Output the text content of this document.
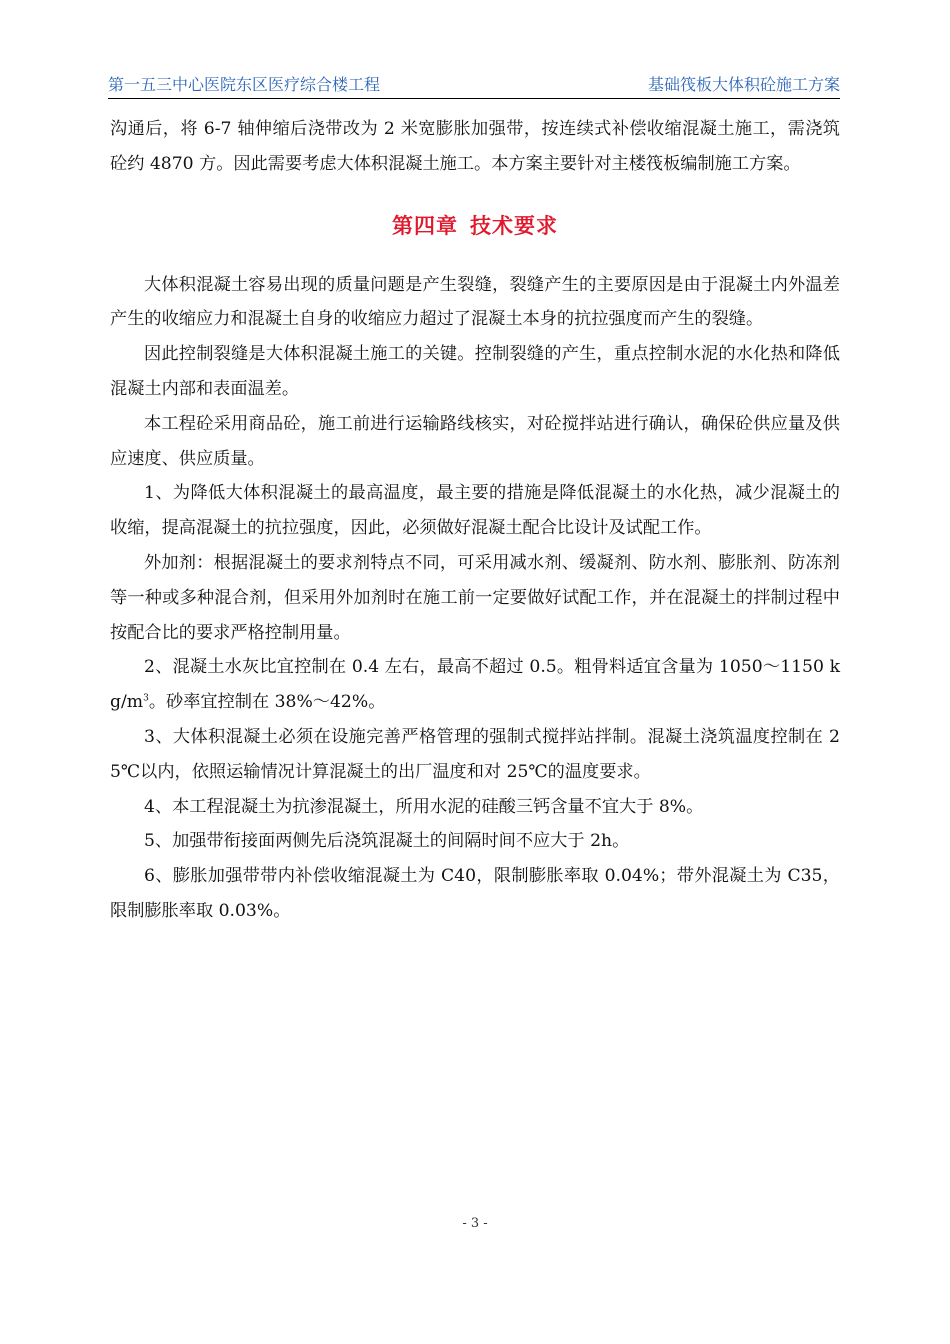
第一五三中心医院东区医疗综合楼工程	基础筏板大体积砼施工方案

沟通后，将 6-7 轴伸缩后浇带改为 2 米宽膨胀加强带，按连续式补偿收缩混凝土施工，需浇筑砼约 4870 方。因此需要考虑大体积混凝土施工。本方案主要针对主楼筏板编制施工方案。

第四章 技术要求

大体积混凝土容易出现的质量问题是产生裂缝，裂缝产生的主要原因是由于混凝土内外温差产生的收缩应力和混凝土自身的收缩应力超过了混凝土本身的抗拉强度而产生的裂缝。

因此控制裂缝是大体积混凝土施工的关键。控制裂缝的产生，重点控制水泥的水化热和降低混凝土内部和表面温差。

本工程砼采用商品砼，施工前进行运输路线核实，对砼搅拌站进行确认，确保砼供应量及供应速度、供应质量。

1、为降低大体积混凝土的最高温度，最主要的措施是降低混凝土的水化热，减少混凝土的收缩，提高混凝土的抗拉强度，因此，必须做好混凝土配合比设计及试配工作。

外加剂：根据混凝土的要求剂特点不同，可采用减水剂、缓凝剂、防水剂、膨胀剂、防冻剂等一种或多种混合剂，但采用外加剂时在施工前一定要做好试配工作，并在混凝土的拌制过程中按配合比的要求严格控制用量。

2、混凝土水灰比宜控制在 0.4 左右，最高不超过 0.5。粗骨料适宜含量为 1050～1150 $kg/m^3$。砂率宜控制在 38%～42%。

3、大体积混凝土必须在设施完善严格管理的强制式搅拌站拌制。混凝土浇筑温度控制在 25℃以内，依照运输情况计算混凝土的出厂温度和对 25℃的温度要求。

4、本工程混凝土为抗渗混凝土，所用水泥的硅酸三钙含量不宜大于 8%。

5、加强带衔接面两侧先后浇筑混凝土的间隔时间不应大于 2h。

6、膨胀加强带带内补偿收缩混凝土为 C40，限制膨胀率取 0.04%；带外混凝土为 C35，限制膨胀率取 0.03%。

- 3 -
